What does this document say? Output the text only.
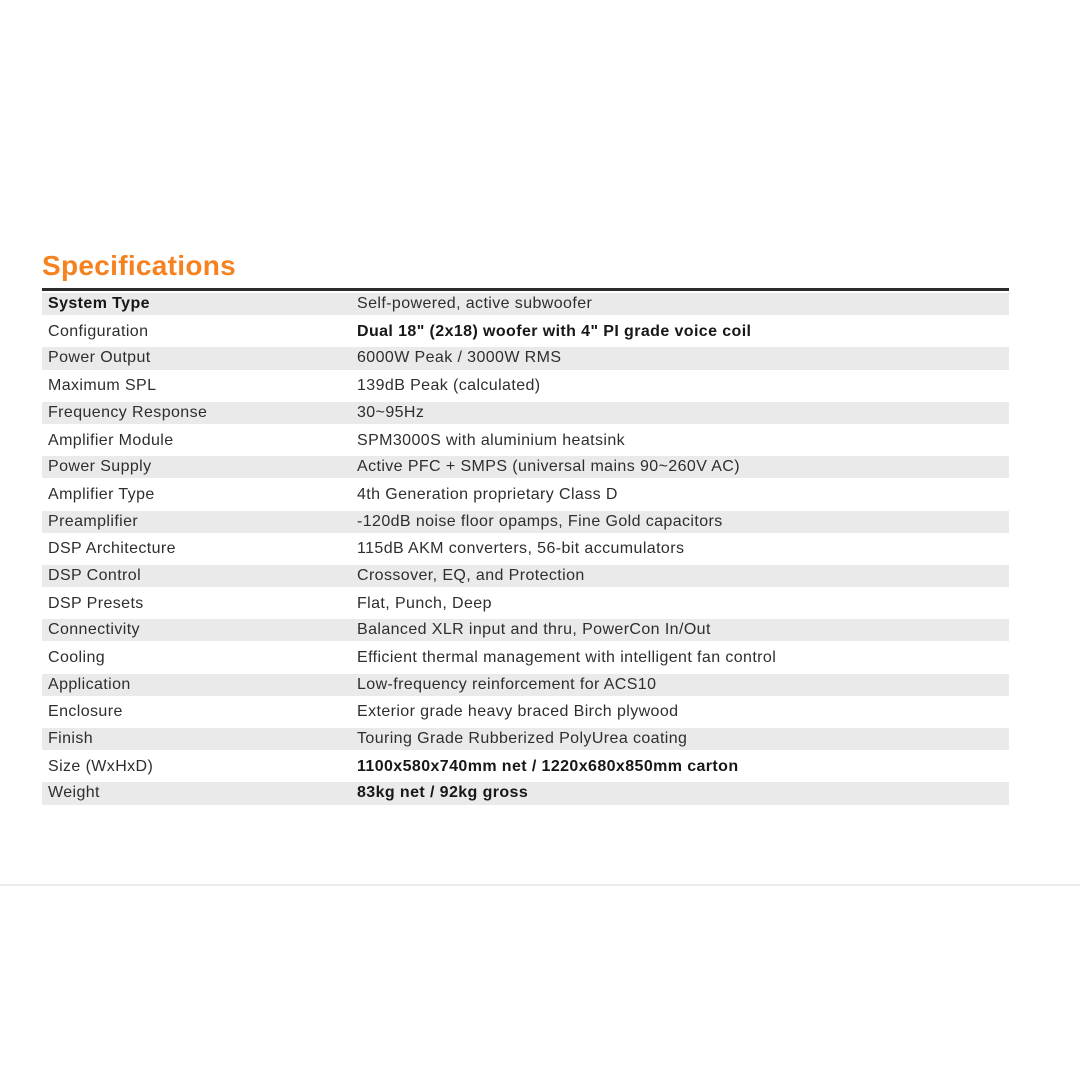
Specifications
System Type	Self-powered, active subwoofer
Configuration	Dual 18" (2x18) woofer with 4" PI grade voice coil
Power Output	6000W Peak / 3000W RMS
Maximum SPL	139dB Peak (calculated)
Frequency Response	30~95Hz
Amplifier Module	SPM3000S with aluminium heatsink
Power Supply	Active PFC + SMPS (universal mains 90~260V AC)
Amplifier Type	4th Generation proprietary Class D
Preamplifier	-120dB noise floor opamps, Fine Gold capacitors
DSP Architecture	115dB AKM converters, 56-bit accumulators
DSP Control	Crossover, EQ, and Protection
DSP Presets	Flat, Punch, Deep
Connectivity	Balanced XLR input and thru, PowerCon In/Out
Cooling	Efficient thermal management with intelligent fan control
Application	Low-frequency reinforcement for ACS10
Enclosure	Exterior grade heavy braced Birch plywood
Finish	Touring Grade Rubberized PolyUrea coating
Size (WxHxD)	1100x580x740mm net / 1220x680x850mm carton
Weight	83kg net / 92kg gross
